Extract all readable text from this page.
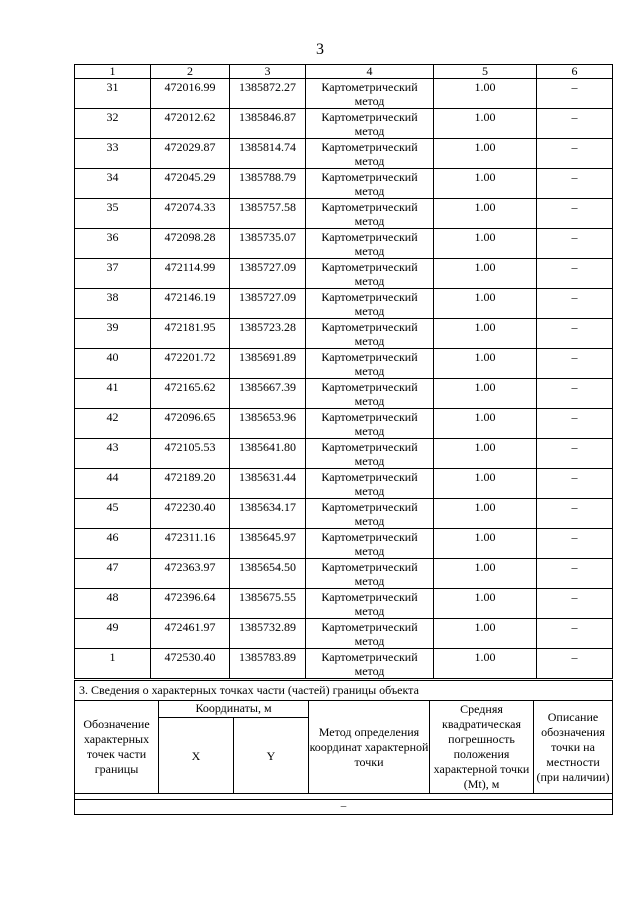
3
1	2	3	4	5	6
31	472016.99	1385872.27	Картометрический метод	1.00	–
32	472012.62	1385846.87	Картометрический метод	1.00	–
33	472029.87	1385814.74	Картометрический метод	1.00	–
34	472045.29	1385788.79	Картометрический метод	1.00	–
35	472074.33	1385757.58	Картометрический метод	1.00	–
36	472098.28	1385735.07	Картометрический метод	1.00	–
37	472114.99	1385727.09	Картометрический метод	1.00	–
38	472146.19	1385727.09	Картометрический метод	1.00	–
39	472181.95	1385723.28	Картометрический метод	1.00	–
40	472201.72	1385691.89	Картометрический метод	1.00	–
41	472165.62	1385667.39	Картометрический метод	1.00	–
42	472096.65	1385653.96	Картометрический метод	1.00	–
43	472105.53	1385641.80	Картометрический метод	1.00	–
44	472189.20	1385631.44	Картометрический метод	1.00	–
45	472230.40	1385634.17	Картометрический метод	1.00	–
46	472311.16	1385645.97	Картометрический метод	1.00	–
47	472363.97	1385654.50	Картометрический метод	1.00	–
48	472396.64	1385675.55	Картометрический метод	1.00	–
49	472461.97	1385732.89	Картометрический метод	1.00	–
1	472530.40	1385783.89	Картометрический метод	1.00	–
3. Сведения о характерных точках части (частей) границы объекта					
Обозначение характерных точек части границы	Координаты, м		Метод определения координат характерной точки	Средняя квадратическая погрешность положения характерной точки (Mt), м	Описание обозначения точки на местности (при наличии)
	X	Y			

–					
